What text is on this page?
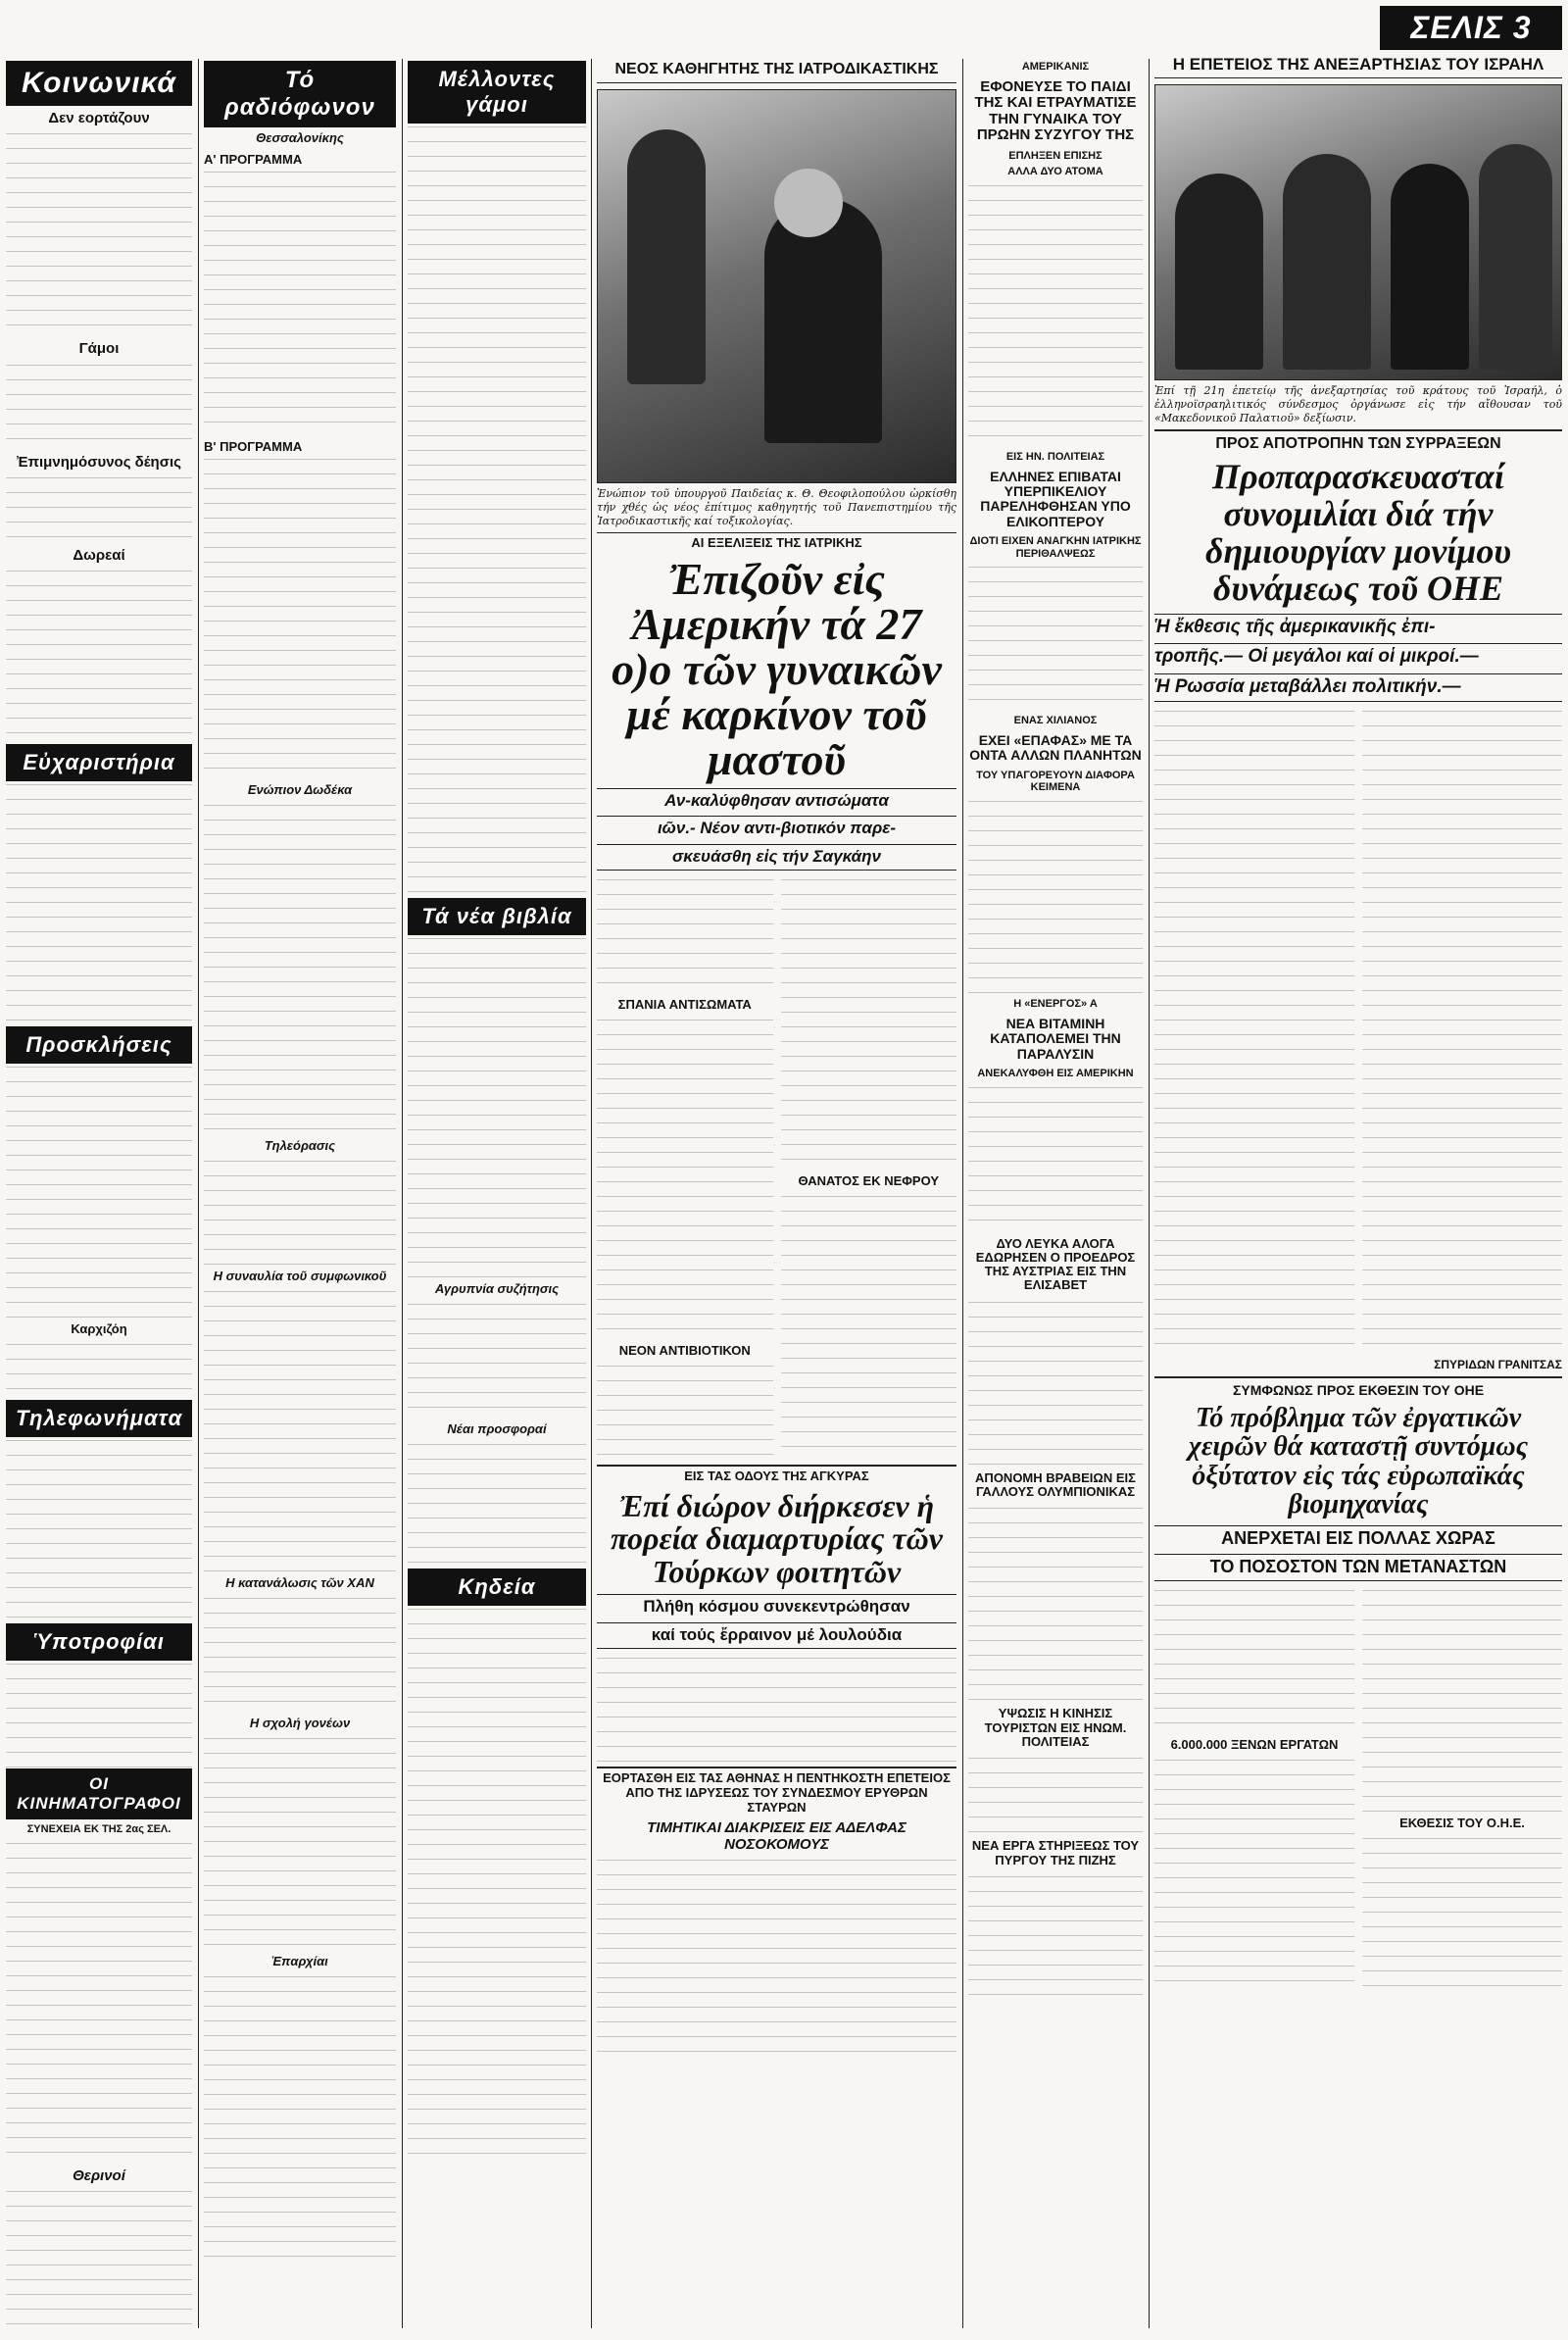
Κοινωνικά
Δεν εορτάζουν
Γάμοι
Ἐπιμνημόσυνος δέησις
Δωρεαί
Εὐχαριστήρια
Προσκλήσεις
Καρχιζόη
Τηλεφωνήματα
Ὑποτροφίαι
ΟΙ ΚΙΝΗΜΑΤΟΓΡΑΦΟΙ
ΣΥΝΕΧΕΙΑ ΕΚ ΤΗΣ 2ας ΣΕΛ.
Θερινοί
Τό ραδιόφωνον
Θεσσαλονίκης
Α' ΠΡΟΓΡΑΜΜΑ
Β' ΠΡΟΓΡΑΜΜΑ
Ενώπιον Δωδέκα
Τηλεόρασις
Η συναυλία τοῦ συμφωνικοῦ
Η κατανάλωσις τῶν ΧΑΝ
Η σχολή γονέων
Ἐπαρχίαι
Μέλλοντες γάμοι
Τά νέα βιβλία
Αγρυπνία συζήτησις
Νέαι προσφοραί
Κηδεία
ΝΕΟΣ ΚΑΘΗΓΗΤΗΣ ΤΗΣ ΙΑΤΡΟΔΙΚΑΣΤΙΚΗΣ
Ἐνώπιον τοῦ ὑπουργοῦ Παιδείας κ. Θ. Θεοφιλοπούλου ὡρκίσθη τήν χθές ὡς νέος ἐπίτιμος καθηγητής τοῦ Πανεπιστημίου τῆς Ἰατροδικαστικῆς καί τοξικολογίας.
ΑΙ ΕΞΕΛΙΞΕΙΣ ΤΗΣ ΙΑΤΡΙΚΗΣ
Ἐπιζοῦν εἰς Ἀμερικήν τά 27 ο)ο τῶν γυναικῶν μέ καρκίνον τοῦ μαστοῦ
Αν-καλύφθησαν αντισώματα
ιῶν.- Νέον αντι-βιοτικόν παρε-
σκευάσθη εἰς τήν Σαγκάην
ΣΠΑΝΙΑ ΑΝΤΙΣΩΜΑΤΑ
ΝΕΟΝ ΑΝΤΙΒΙΟΤΙΚΟΝ
ΘΑΝΑΤΟΣ ΕΚ ΝΕΦΡΟΥ
ΕΙΣ ΤΑΣ ΟΔΟΥΣ ΤΗΣ ΑΓΚΥΡΑΣ
Ἐπί διώρον διήρκεσεν ἡ πορεία διαμαρτυρίας τῶν Τούρκων φοιτητῶν
Πλήθη κόσμου συνεκεντρώθησαν
καί τούς ἔρραινον μέ λουλούδια
ΕΟΡΤΑΣΘΗ ΕΙΣ ΤΑΣ ΑΘΗΝΑΣ Η ΠΕΝΤΗΚΟΣΤΗ ΕΠΕΤΕΙΟΣ ΑΠΟ ΤΗΣ ΙΔΡΥΣΕΩΣ ΤΟΥ ΣΥΝΔΕΣΜΟΥ ΕΡΥΘΡΩΝ ΣΤΑΥΡΩΝ
ΤΙΜΗΤΙΚΑΙ ΔΙΑΚΡΙΣΕΙΣ ΕΙΣ ΑΔΕΛΦΑΣ ΝΟΣΟΚΟΜΟΥΣ
ΑΜΕΡΙΚΑΝΙΣ
ΕΦΟΝΕΥΣΕ ΤΟ ΠΑΙΔΙ ΤΗΣ ΚΑΙ ΕΤΡΑΥΜΑΤΙΣΕ ΤΗΝ ΓΥΝΑΙΚΑ ΤΟΥ ΠΡΩΗΝ ΣΥΖΥΓΟΥ ΤΗΣ
ΕΠΛΗΞΕΝ ΕΠΙΣΗΣ
ΑΛΛΑ ΔΥΟ ΑΤΟΜΑ
ΕΙΣ ΗΝ. ΠΟΛΙΤΕΙΑΣ
ΕΛΛΗΝΕΣ ΕΠΙΒΑΤΑΙ ΥΠΕΡΠΙΚΕΛΙΟΥ ΠΑΡΕΛΗΦΘΗΣΑΝ ΥΠΟ ΕΛΙΚΟΠΤΕΡΟΥ
ΔΙΟΤΙ ΕΙΧΕΝ ΑΝΑΓΚΗΝ ΙΑΤΡΙΚΗΣ ΠΕΡΙΘΑΛΨΕΩΣ
ΕΝΑΣ ΧΙΛΙΑΝΟΣ
ΕΧΕΙ «ΕΠΑΦΑΣ» ΜΕ ΤΑ ΟΝΤΑ ΑΛΛΩΝ ΠΛΑΝΗΤΩΝ
ΤΟΥ ΥΠΑΓΟΡΕΥΟΥΝ ΔΙΑΦΟΡΑ ΚΕΙΜΕΝΑ
Η «ΕΝΕΡΓΟΣ» Α
ΝΕΑ ΒΙΤΑΜΙΝΗ ΚΑΤΑΠΟΛΕΜΕΙ ΤΗΝ ΠΑΡΑΛΥΣΙΝ
ΑΝΕΚΑΛΥΦΘΗ ΕΙΣ ΑΜΕΡΙΚΗΝ
ΔΥΟ ΛΕΥΚΑ ΑΛΟΓΑ ΕΔΩΡΗΣΕΝ Ο ΠΡΟΕΔΡΟΣ ΤΗΣ ΑΥΣΤΡΙΑΣ ΕΙΣ ΤΗΝ ΕΛΙΣΑΒΕΤ
ΑΠΟΝΟΜΗ ΒΡΑΒΕΙΩΝ ΕΙΣ ΓΑΛΛΟΥΣ ΟΛΥΜΠΙΟΝΙΚΑΣ
ΥΨΩΣΙΣ Η ΚΙΝΗΣΙΣ ΤΟΥΡΙΣΤΩΝ ΕΙΣ ΗΝΩΜ. ΠΟΛΙΤΕΙΑΣ
ΝΕΑ ΕΡΓΑ ΣΤΗΡΙΞΕΩΣ ΤΟΥ ΠΥΡΓΟΥ ΤΗΣ ΠΙΖΗΣ
ΣΕΛΙΣ 3
Η ΕΠΕΤΕΙΟΣ ΤΗΣ ΑΝΕΞΑΡΤΗΣΙΑΣ ΤΟΥ ΙΣΡΑΗΛ
Ἐπί τῇ 21η ἐπετείῳ τῆς ἀνεξαρτησίας τοῦ κράτους τοῦ Ἰσραήλ, ὁ ἐλληνοϊσραηλιτικός σύνδεσμος ὀργάνωσε εἰς τήν αἴθουσαν τοῦ «Μακεδονικοῦ Παλατιοῦ» δεξίωσιν.
ΠΡΟΣ ΑΠΟΤΡΟΠΗΝ ΤΩΝ ΣΥΡΡΑΞΕΩΝ
Προπαρασκευασταί συνομιλίαι διά τήν δημιουργίαν μονίμου δυνάμεως τοῦ ΟΗΕ
Ἡ ἔκθεσις τῆς ἀμερικανικῆς ἐπι-
τροπῆς.— Οἱ μεγάλοι καί οἱ μικροί.—
Ἡ Ρωσσία μεταβάλλει πολιτικήν.—
ΣΠΥΡΙΔΩΝ ΓΡΑΝΙΤΣΑΣ
ΣΥΜΦΩΝΩΣ ΠΡΟΣ ΕΚΘΕΣΙΝ ΤΟΥ ΟΗΕ
Τό πρόβλημα τῶν ἐργατικῶν χειρῶν θά καταστῇ συντόμως ὀξύτατον εἰς τάς εὐρωπαϊκάς βιομηχανίας
ΑΝΕΡΧΕΤΑΙ ΕΙΣ ΠΟΛΛΑΣ ΧΩΡΑΣ
ΤΟ ΠΟΣΟΣΤΟΝ ΤΩΝ ΜΕΤΑΝΑΣΤΩΝ
6.000.000 ΞΕΝΩΝ ΕΡΓΑΤΩΝ
ΕΚΘΕΣΙΣ ΤΟΥ Ο.Η.Ε.
